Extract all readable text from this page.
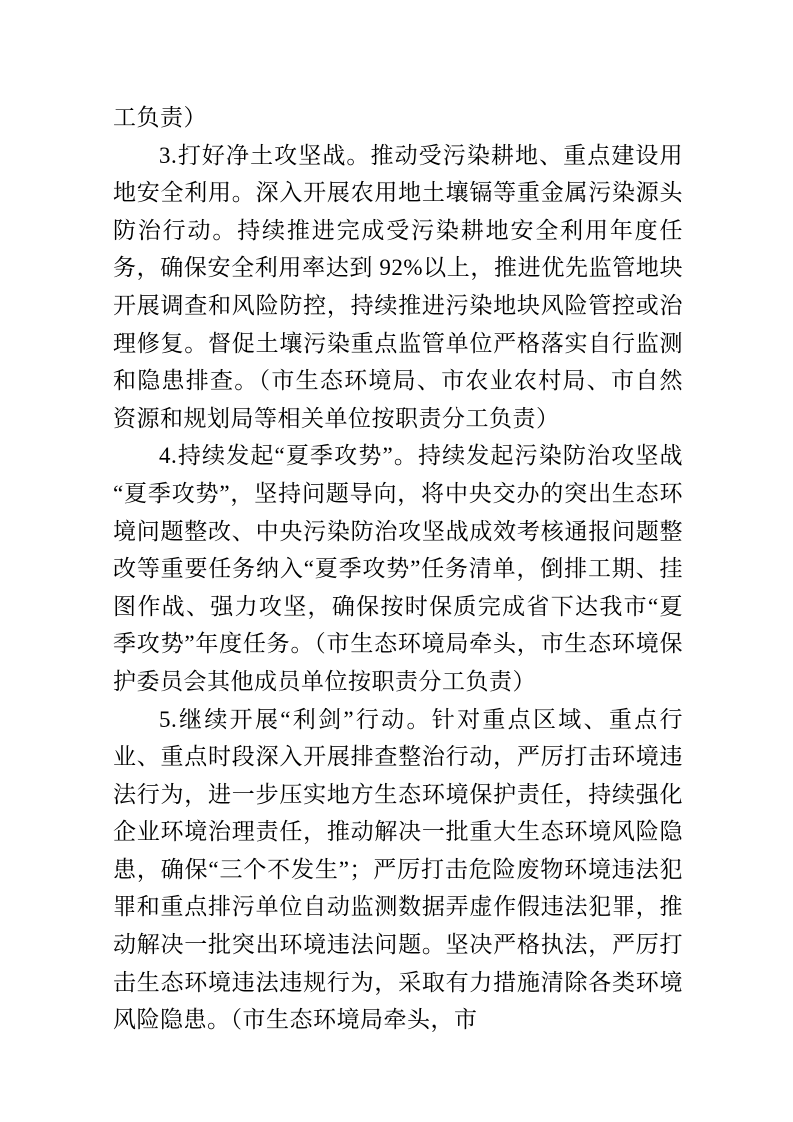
工负责）

3.打好净土攻坚战。推动受污染耕地、重点建设用地安全利用。深入开展农用地土壤镉等重金属污染源头防治行动。持续推进完成受污染耕地安全利用年度任务，确保安全利用率达到 92%以上，推进优先监管地块开展调查和风险防控，持续推进污染地块风险管控或治理修复。督促土壤污染重点监管单位严格落实自行监测和隐患排查。（市生态环境局、市农业农村局、市自然资源和规划局等相关单位按职责分工负责）

4.持续发起“夏季攻势”。持续发起污染防治攻坚战“夏季攻势”，坚持问题导向，将中央交办的突出生态环境问题整改、中央污染防治攻坚战成效考核通报问题整改等重要任务纳入“夏季攻势”任务清单，倒排工期、挂图作战、强力攻坚，确保按时保质完成省下达我市“夏季攻势”年度任务。（市生态环境局牵头，市生态环境保护委员会其他成员单位按职责分工负责）

5.继续开展“利剑”行动。针对重点区域、重点行业、重点时段深入开展排查整治行动，严厉打击环境违法行为，进一步压实地方生态环境保护责任，持续强化企业环境治理责任，推动解决一批重大生态环境风险隐患，确保“三个不发生”；严厉打击危险废物环境违法犯罪和重点排污单位自动监测数据弄虚作假违法犯罪，推动解决一批突出环境违法问题。坚决严格执法，严厉打击生态环境违法违规行为，采取有力措施清除各类环境风险隐患。（市生态环境局牵头，市
